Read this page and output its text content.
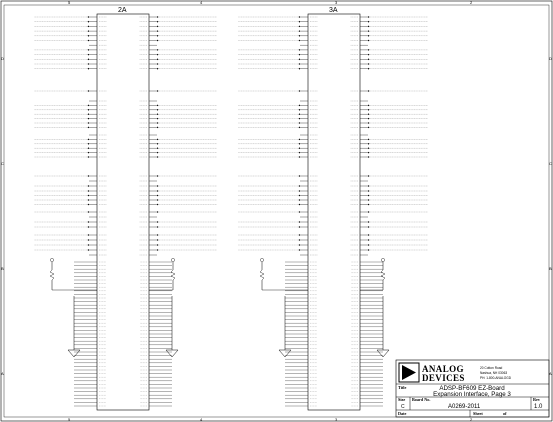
5	4	3	2
5	4	3	2
D
C
B
A
D
C
B
A
2A	3A
ANALOG
DEVICES
20 Cotton Road
Nashua, NH 03063
PH: 1-800-ANALOGD
Title	ADSP-BF609 EZ-Board
Expansion Interface, Page 3
Size
C
Board No.
A0269-2011
Rev
1.0
Date	Sheet	of
